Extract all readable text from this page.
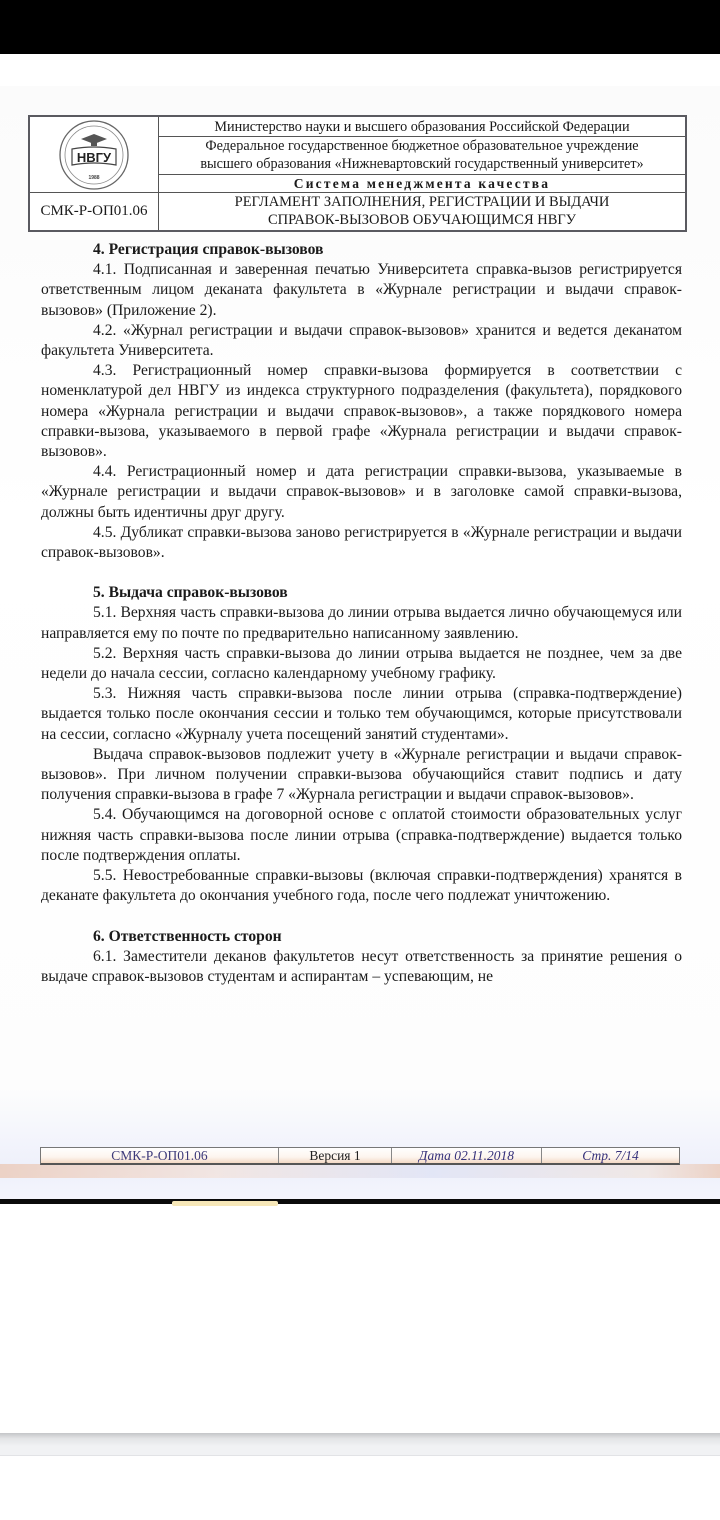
НВГУ
1988
СМК-Р-ОП01.06
Министерство науки и высшего образования Российской Федерации
Федеральное государственное бюджетное образовательное учреждение
высшего образования «Нижневартовский государственный университет»
Система менеджмента качества
РЕГЛАМЕНТ ЗАПОЛНЕНИЯ, РЕГИСТРАЦИИ И ВЫДАЧИ
СПРАВОК-ВЫЗОВОВ ОБУЧАЮЩИМСЯ НВГУ
4. Регистрация справок-вызовов

4.1. Подписанная и заверенная печатью Университета справка-вызов регистрируется ответственным лицом деканата факультета в «Журнале регистрации и выдачи справок-вызовов» (Приложение 2).

4.2. «Журнал регистрации и выдачи справок-вызовов» хранится и ведется деканатом факультета Университета.

4.3. Регистрационный номер справки-вызова формируется в соответствии с номенклатурой дел НВГУ из индекса структурного подразделения (факультета), порядкового номера «Журнала регистрации и выдачи справок-вызовов», а также порядкового номера справки-вызова, указываемого в первой графе «Журнала регистрации и выдачи справок-вызовов».

4.4. Регистрационный номер и дата регистрации справки-вызова, указываемые в «Журнале регистрации и выдачи справок-вызовов» и в заголовке самой справки-вызова, должны быть идентичны друг другу.

4.5. Дубликат справки-вызова заново регистрируется в «Журнале регистрации и выдачи справок-вызовов».

5. Выдача справок-вызовов

5.1. Верхняя часть справки-вызова до линии отрыва выдается лично обучающемуся или направляется ему по почте по предварительно написанному заявлению.

5.2. Верхняя часть справки-вызова до линии отрыва выдается не позднее, чем за две недели до начала сессии, согласно календарному учебному графику.

5.3. Нижняя часть справки-вызова после линии отрыва (справка-подтверждение) выдается только после окончания сессии и только тем обучающимся, которые присутствовали на сессии, согласно «Журналу учета посещений занятий студентами».

Выдача справок-вызовов подлежит учету в «Журнале регистрации и выдачи справок-вызовов». При личном получении справки-вызова обучающийся ставит подпись и дату получения справки-вызова в графе 7 «Журнала регистрации и выдачи справок-вызовов».

5.4. Обучающимся на договорной основе с оплатой стоимости образовательных услуг нижняя часть справки-вызова после линии отрыва (справка-подтверждение) выдается только после подтверждения оплаты.

5.5. Невостребованные справки-вызовы (включая справки-подтверждения) хранятся в деканате факультета до окончания учебного года, после чего подлежат уничтожению.

6. Ответственность сторон

6.1. Заместители деканов факультетов несут ответственность за принятие решения о выдаче справок-вызовов студентам и аспирантам – успевающим, не

СМК-Р-ОП01.06	Версия 1	Дата 02.11.2018	Стр. 7/14
